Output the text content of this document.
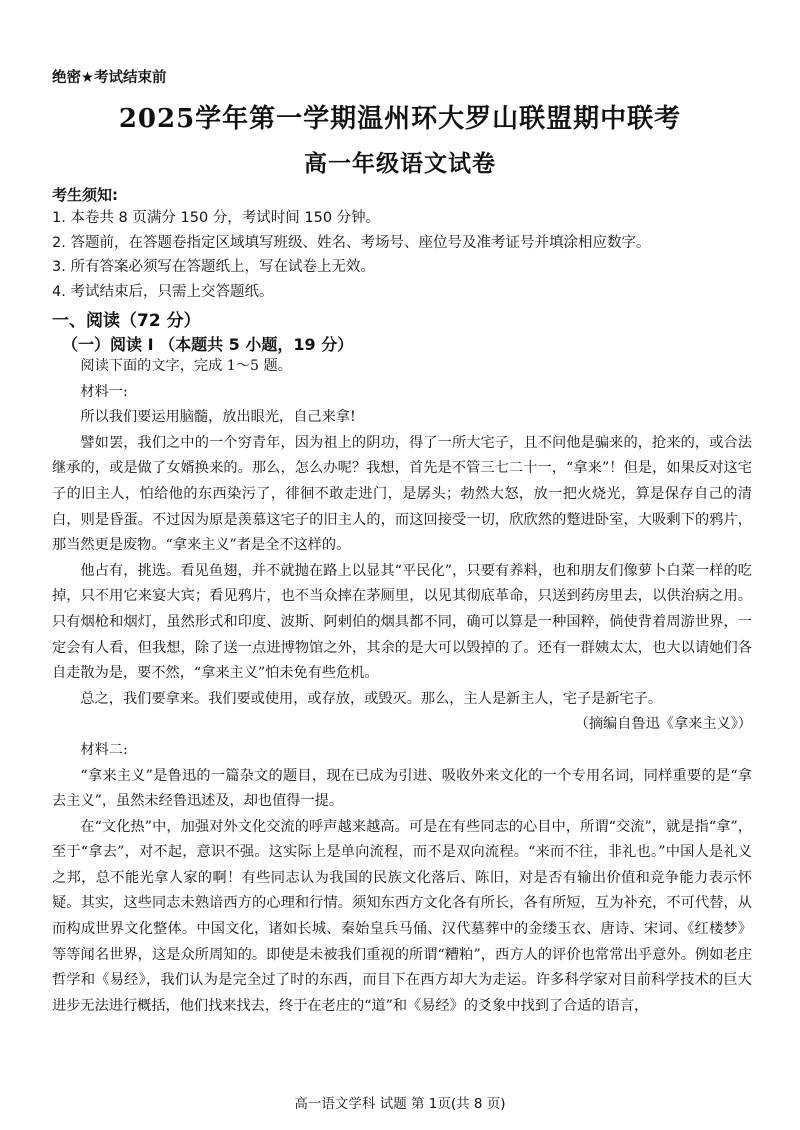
绝密★考试结束前
2025学年第一学期温州环大罗山联盟期中联考
高一年级语文试卷
考生须知:
1. 本卷共 8 页满分 150 分，考试时间 150 分钟。
2. 答题前，在答题卷指定区域填写班级、姓名、考场号、座位号及准考证号并填涂相应数字。
3. 所有答案必须写在答题纸上，写在试卷上无效。
4. 考试结束后，只需上交答题纸。
一、阅读（72 分）
（一）阅读 I （本题共 5 小题，19 分）

阅读下面的文字，完成 1～5 题。

材料一:

所以我们要运用脑髓，放出眼光，自己来拿!

譬如罢，我们之中的一个穷青年，因为祖上的阴功，得了一所大宅子，且不问他是骗来的，抢来的，或合法继承的，或是做了女婿换来的。那么，怎么办呢？我想，首先是不管三七二十一，“拿来”！但是，如果反对这宅子的旧主人，怕给他的东西染污了，徘徊不敢走进门，是孱头；勃然大怒，放一把火烧光，算是保存自己的清白，则是昏蛋。不过因为原是羡慕这宅子的旧主人的，而这回接受一切，欣欣然的蹩进卧室，大吸剩下的鸦片，那当然更是废物。“拿来主义”者是全不这样的。

他占有，挑选。看见鱼翅，并不就抛在路上以显其“平民化”，只要有养料，也和朋友们像萝卜白菜一样的吃掉，只不用它来宴大宾；看见鸦片，也不当众摔在茅厕里，以见其彻底革命，只送到药房里去，以供治病之用。只有烟枪和烟灯，虽然形式和印度、波斯、阿剌伯的烟具都不同，确可以算是一种国粹，倘使背着周游世界，一定会有人看，但我想，除了送一点进博物馆之外，其余的是大可以毁掉的了。还有一群姨太太，也大以请她们各自走散为是，要不然，“拿来主义”怕未免有些危机。

总之，我们要拿来。我们要或使用，或存放，或毁灭。那么，主人是新主人，宅子是新宅子。

（摘编自鲁迅《拿来主义》）

材料二:

“拿来主义”是鲁迅的一篇杂文的题目，现在已成为引进、吸收外来文化的一个专用名词，同样重要的是“拿去主义”，虽然未经鲁迅述及，却也值得一提。

在“文化热”中，加强对外文化交流的呼声越来越高。可是在有些同志的心目中，所谓“交流”，就是指“拿”，至于“拿去”，对不起，意识不强。这实际上是单向流程，而不是双向流程。“来而不往，非礼也。”中国人是礼义之邦，总不能光拿人家的啊！有些同志认为我国的民族文化落后、陈旧，对是否有输出价值和竞争能力表示怀疑。其实，这些同志未熟谙西方的心理和行情。须知东西方文化各有所长，各有所短，互为补充，不可代替，从而构成世界文化整体。中国文化，诸如长城、秦始皇兵马俑、汉代墓葬中的金缕玉衣、唐诗、宋词、《红楼梦》等等闻名世界，这是众所周知的。即使是未被我们重视的所谓“糟粕”，西方人的评价也常常出乎意外。例如老庄哲学和《易经》，我们认为是完全过了时的东西，而目下在西方却大为走运。许多科学家对目前科学技术的巨大进步无法进行概括，他们找来找去，终于在老庄的“道”和《易经》的爻象中找到了合适的语言，

高一语文学科 试题 第 1页(共 8 页)
